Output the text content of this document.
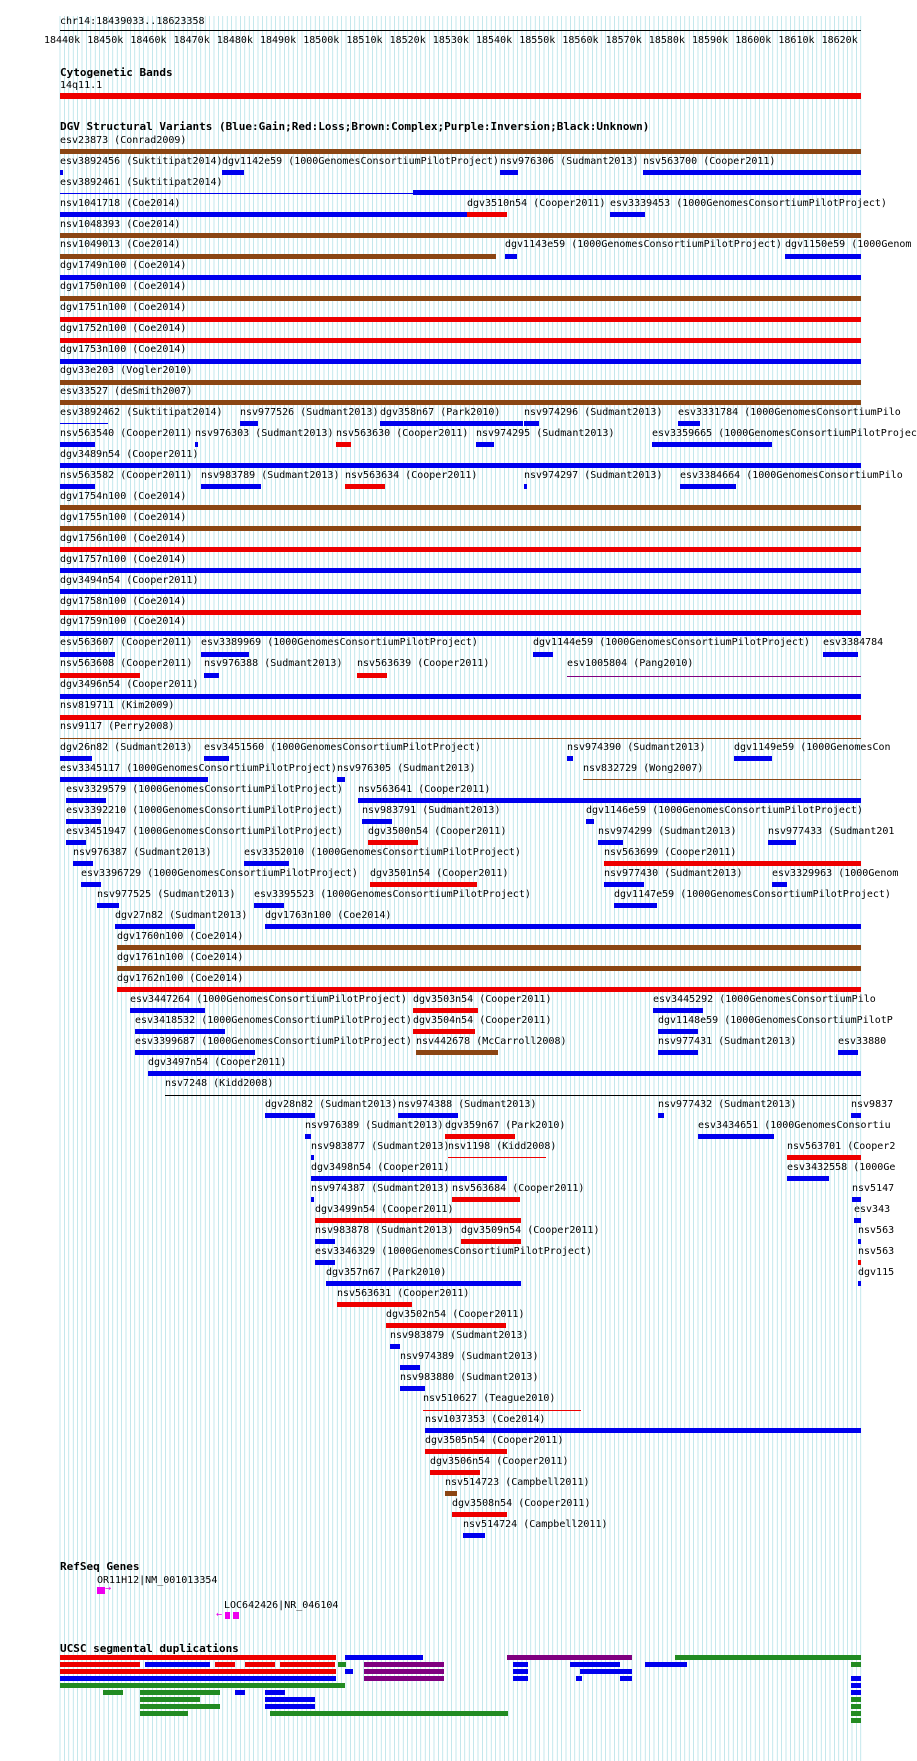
chr14:18439033..18623358
18440k 18450k 18460k 18470k 18480k 18490k 18500k 18510k 18520k 18530k 18540k 18550k 18560k 18570k 18580k 18590k 18600k 18610k 18620k
Cytogenetic Bands
14q11.1
DGV Structural Variants (Blue:Gain;Red:Loss;Brown:Complex;Purple:Inversion;Black:Unknown)
esv23873 (Conrad2009)
esv3892456 (Suktitipat2014) dgv1142e59 (1000GenomesConsortiumPilotProject) nsv976306 (Sudmant2013) nsv563700 (Cooper2011)
esv3892461 (Suktitipat2014)
nsv1041718 (Coe2014)	dgv3510n54 (Cooper2011) esv3339453 (1000GenomesConsortiumPilotProject)
nsv1048393 (Coe2014)
nsv1049013 (Coe2014)	dgv1143e59 (1000GenomesConsortiumPilotProject) dgv1150e59 (1000Genom
dgv1749n100 (Coe2014)
dgv1750n100 (Coe2014)
dgv1751n100 (Coe2014)
dgv1752n100 (Coe2014)
dgv1753n100 (Coe2014)
dgv33e203 (Vogler2010)
esv33527 (deSmith2007)
esv3892462 (Suktitipat2014) nsv977526 (Sudmant2013) dgv358n67 (Park2010) nsv974296 (Sudmant2013) esv3331784 (1000GenomesConsortiumPilo
nsv563540 (Cooper2011) nsv976303 (Sudmant2013) nsv563630 (Cooper2011) nsv974295 (Sudmant2013)	esv3359665 (1000GenomesConsortiumPilotProjec
dgv3489n54 (Cooper2011)
nsv563582 (Cooper2011) nsv983789 (Sudmant2013) nsv563634 (Cooper2011)	nsv974297 (Sudmant2013) esv3384664 (1000GenomesConsortiumPilo
dgv1754n100 (Coe2014)
dgv1755n100 (Coe2014)
dgv1756n100 (Coe2014)
dgv1757n100 (Coe2014)
dgv3494n54 (Cooper2011)
dgv1758n100 (Coe2014)
dgv1759n100 (Coe2014)
esv563607 (Cooper2011) esv3389969 (1000GenomesConsortiumPilotProject)	dgv1144e59 (1000GenomesConsortiumPilotProject) esv3384784
nsv563608 (Cooper2011) nsv976388 (Sudmant2013) nsv563639 (Cooper2011)	esv1005804 (Pang2010)
dgv3496n54 (Cooper2011)
nsv819711 (Kim2009)
nsv9117 (Perry2008)
dgv26n82 (Sudmant2013) esv3451560 (1000GenomesConsortiumPilotProject)	nsv974390 (Sudmant2013)	dgv1149e59 (1000GenomesCon
esv3345117 (1000GenomesConsortiumPilotProject) nsv976305 (Sudmant2013)	nsv832729 (Wong2007)
esv3329579 (1000GenomesConsortiumPilotProject) nsv563641 (Cooper2011)
esv3392210 (1000GenomesConsortiumPilotProject) nsv983791 (Sudmant2013)	dgv1146e59 (1000GenomesConsortiumPilotProject)
esv3451947 (1000GenomesConsortiumPilotProject)	dgv3500n54 (Cooper2011)	nsv974299 (Sudmant2013)	nsv977433 (Sudmant201
nsv976387 (Sudmant2013)	esv3352010 (1000GenomesConsortiumPilotProject)	nsv563699 (Cooper2011)
esv3396729 (1000GenomesConsortiumPilotProject) dgv3501n54 (Cooper2011)	nsv977430 (Sudmant2013)	esv3329963 (1000Genom
nsv977525 (Sudmant2013) esv3395523 (1000GenomesConsortiumPilotProject)	dgv1147e59 (1000GenomesConsortiumPilotProject)
dgv27n82 (Sudmant2013) dgv1763n100 (Coe2014)
dgv1760n100 (Coe2014)
dgv1761n100 (Coe2014)
dgv1762n100 (Coe2014)
esv3447264 (1000GenomesConsortiumPilotProject) dgv3503n54 (Cooper2011)	esv3445292 (1000GenomesConsortiumPilo
esv3418532 (1000GenomesConsortiumPilotProject) dgv3504n54 (Cooper2011)	dgv1148e59 (1000GenomesConsortiumPilotP
esv3399687 (1000GenomesConsortiumPilotProject) nsv442678 (McCarroll2008)	nsv977431 (Sudmant2013)	esv33880
dgv3497n54 (Cooper2011)
nsv7248 (Kidd2008)
dgv28n82 (Sudmant2013) nsv974388 (Sudmant2013)	nsv977432 (Sudmant2013)	nsv9837
nsv976389 (Sudmant2013) dgv359n67 (Park2010)	esv3434651 (1000GenomesConsortiu
nsv983877 (Sudmant2013)
nsv1198 (Kidd2008)	nsv563701 (Cooper2
dgv3498n54 (Cooper2011)	esv3432558 (1000Ge
nsv974387 (Sudmant2013) nsv563684 (Cooper2011)	nsv5147
dgv3499n54 (Cooper2011)	esv343
nsv983878 (Sudmant2013) dgv3509n54 (Cooper2011)	nsv563
esv3346329 (1000GenomesConsortiumPilotProject)	nsv563
dgv357n67 (Park2010)	dgv115
nsv563631 (Cooper2011)
dgv3502n54 (Cooper2011)
nsv983879 (Sudmant2013)
nsv974389 (Sudmant2013)
nsv983880 (Sudmant2013)
nsv510627 (Teague2010)
nsv1037353 (Coe2014)
dgv3505n54 (Cooper2011)
dgv3506n54 (Cooper2011)
nsv514723 (Campbell2011)
dgv3508n54 (Cooper2011)
nsv514724 (Campbell2011)
RefSeq Genes
OR11H12|NM_001013354
LOC642426|NR_046104
→
←
UCSC segmental duplications
